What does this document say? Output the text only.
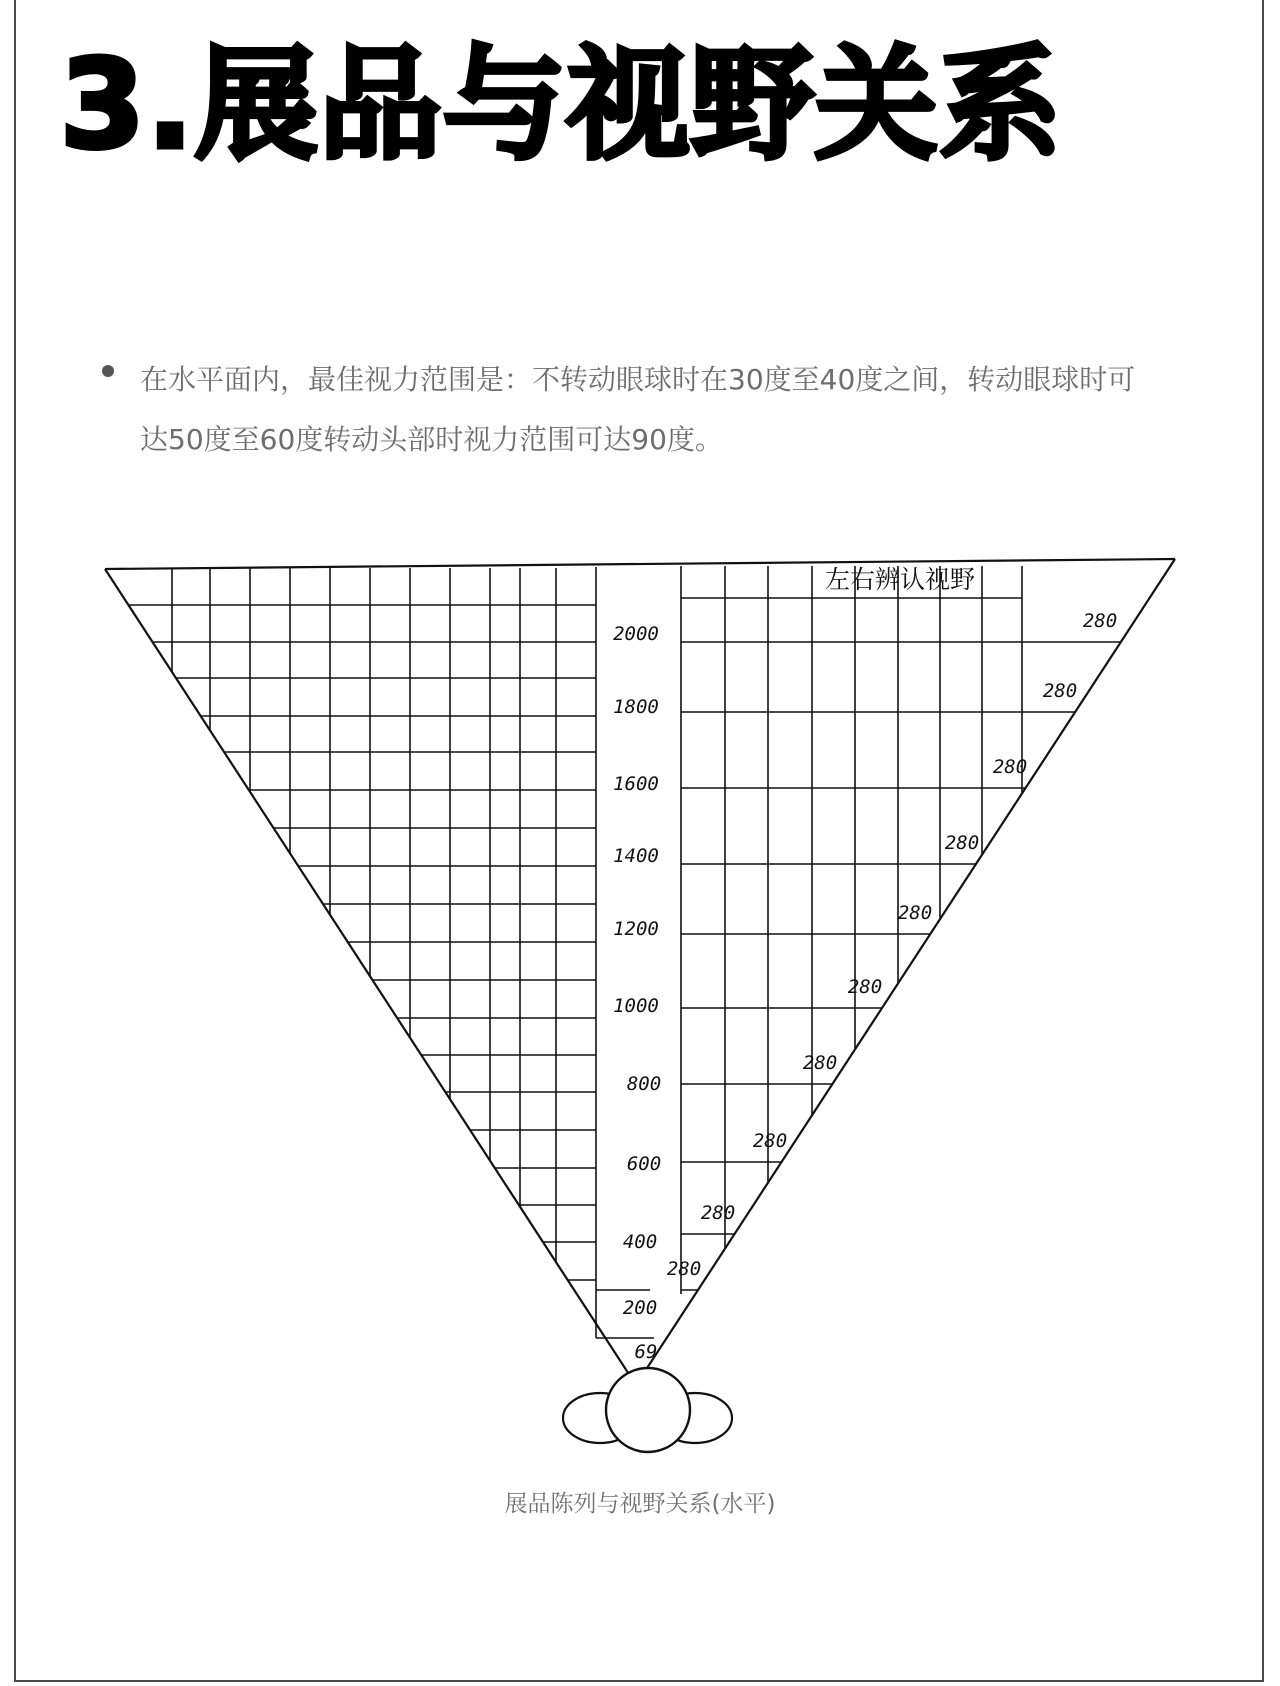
3.展品与视野关系
在水平面内，最佳视力范围是：不转动眼球时在30度至40度之间，转动眼球时可达50度至60度转动头部时视力范围可达90度。
左右辨认视野
2000
1800
1600
1400
1200
1000
800
600
400
200
69
280
280
280
280
280
280
280
280
280
280
展品陈列与视野关系(水平)
